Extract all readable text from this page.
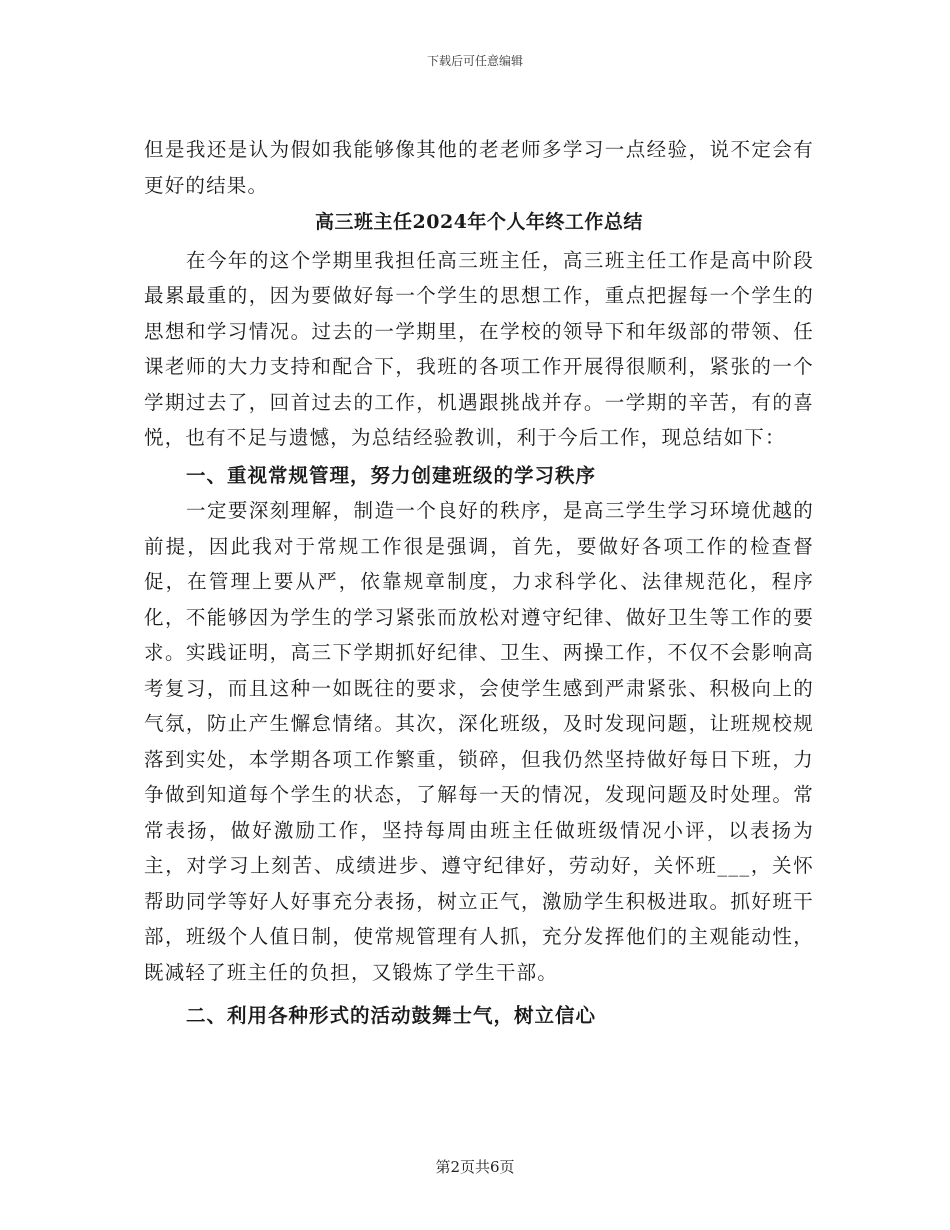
下载后可任意编辑

但是我还是认为假如我能够像其他的老老师多学习一点经验，说不定会有更好的结果。

高三班主任2024年个人年终工作总结

在今年的这个学期里我担任高三班主任，高三班主任工作是高中阶段最累最重的，因为要做好每一个学生的思想工作，重点把握每一个学生的思想和学习情况。过去的一学期里，在学校的领导下和年级部的带领、任课老师的大力支持和配合下，我班的各项工作开展得很顺利，紧张的一个学期过去了，回首过去的工作，机遇跟挑战并存。一学期的辛苦，有的喜悦，也有不足与遗憾，为总结经验教训，利于今后工作，现总结如下：

一、重视常规管理，努力创建班级的学习秩序

一定要深刻理解，制造一个良好的秩序，是高三学生学习环境优越的前提，因此我对于常规工作很是强调，首先，要做好各项工作的检查督促，在管理上要从严，依靠规章制度，力求科学化、法律规范化，程序化，不能够因为学生的学习紧张而放松对遵守纪律、做好卫生等工作的要求。实践证明，高三下学期抓好纪律、卫生、两操工作，不仅不会影响高考复习，而且这种一如既往的要求，会使学生感到严肃紧张、积极向上的气氛，防止产生懈怠情绪。其次，深化班级，及时发现问题，让班规校规落到实处，本学期各项工作繁重，锁碎，但我仍然坚持做好每日下班，力争做到知道每个学生的状态，了解每一天的情况，发现问题及时处理。常常表扬，做好激励工作，坚持每周由班主任做班级情况小评，以表扬为主，对学习上刻苦、成绩进步、遵守纪律好，劳动好，关怀班___，关怀帮助同学等好人好事充分表扬，树立正气，激励学生积极进取。抓好班干部，班级个人值日制，使常规管理有人抓，充分发挥他们的主观能动性，既减轻了班主任的负担，又锻炼了学生干部。

二、利用各种形式的活动鼓舞士气，树立信心

第2页共6页
